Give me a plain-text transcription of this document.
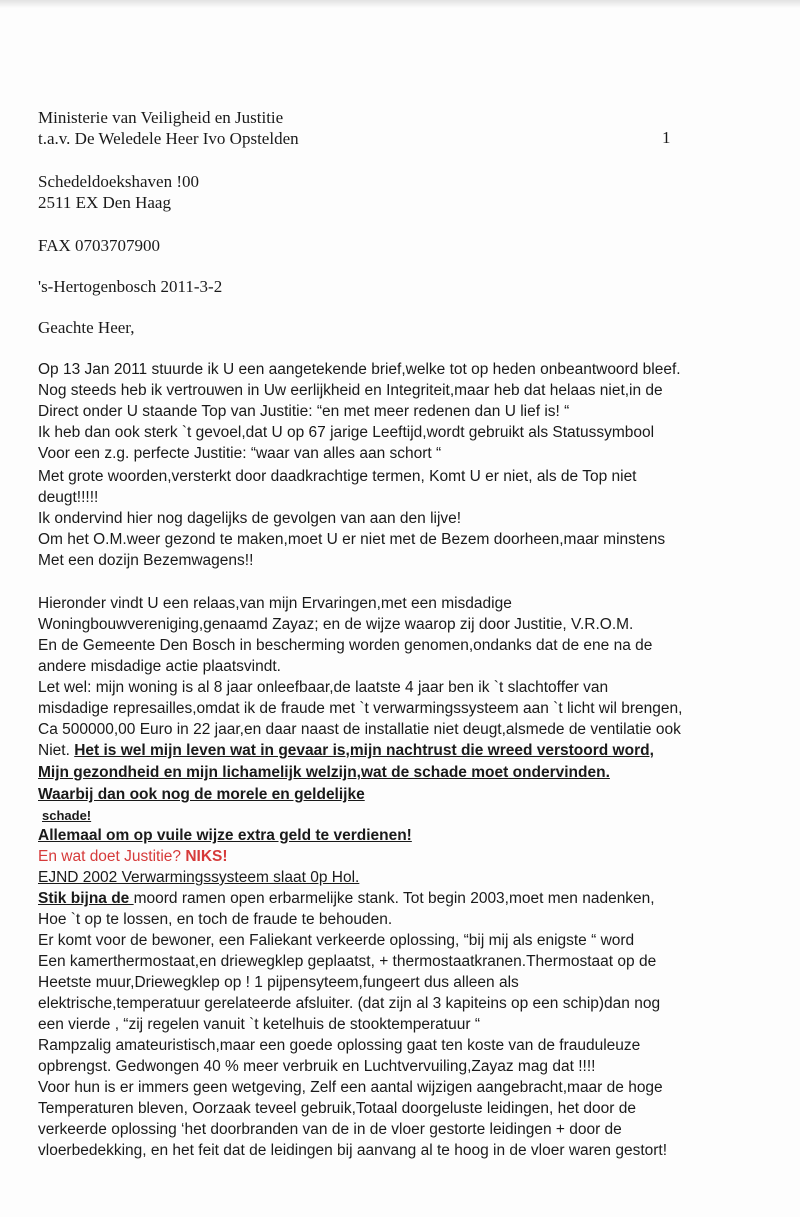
Ministerie van Veiligheid en Justitie
t.a.v. De Weledele Heer Ivo Opstelden	1
Schedeldoekshaven !00
2511 EX Den Haag
FAX 0703707900
's-Hertogenbosch 2011-3-2
Geachte Heer,
Op 13 Jan 2011 stuurde ik U een aangetekende brief,welke tot op heden onbeantwoord bleef.
Nog steeds heb ik vertrouwen in Uw eerlijkheid en Integriteit,maar heb dat helaas niet,in de
Direct onder U staande Top van Justitie: “en met meer redenen dan U lief is! “
Ik heb dan ook sterk `t gevoel,dat U op 67 jarige Leeftijd,wordt gebruikt als Statussymbool
Voor een z.g. perfecte Justitie: “waar van alles aan schort “
Met grote woorden,versterkt door daadkrachtige termen, Komt U er niet, als de Top niet
deugt!!!!!
Ik ondervind hier nog dagelijks de gevolgen van aan den lijve!
Om het O.M.weer gezond te maken,moet U er niet met de Bezem doorheen,maar minstens
Met een dozijn Bezemwagens!!
Hieronder vindt U een relaas,van mijn Ervaringen,met een misdadige
Woningbouwvereniging,genaamd Zayaz; en de wijze waarop zij door Justitie, V.R.O.M.
En de Gemeente Den Bosch in bescherming worden genomen,ondanks dat de ene na de
andere misdadige actie plaatsvindt.
Let wel: mijn woning is al 8 jaar onleefbaar,de laatste 4 jaar ben ik `t slachtoffer van
misdadige represailles,omdat ik de fraude met `t verwarmingssysteem aan `t licht wil brengen,
Ca 500000,00 Euro in 22 jaar,en daar naast de installatie niet deugt,alsmede de ventilatie ook
Niet. Het is wel mijn leven wat in gevaar is,mijn nachtrust die wreed verstoord word,
Mijn gezondheid en mijn lichamelijk welzijn,wat de schade moet ondervinden.
Waarbij dan ook nog de morele en geldelijke
schade!
Allemaal om op vuile wijze extra geld te verdienen!
En wat doet Justitie? NIKS!
EJND 2002 Verwarmingssysteem slaat 0p Hol.
Stik bijna de moord ramen open erbarmelijke stank. Tot begin 2003,moet men nadenken,
Hoe `t op te lossen, en toch de fraude te behouden.
Er komt voor de bewoner, een Faliekant verkeerde oplossing, “bij mij als enigste “ word
Een kamerthermostaat,en driewegklep geplaatst, + thermostaatkranen.Thermostaat op de
Heetste muur,Driewegklep op ! 1 pijpensyteem,fungeert dus alleen als
elektrische,temperatuur gerelateerde afsluiter. (dat zijn al 3 kapiteins op een schip)dan nog
een vierde , “zij regelen vanuit `t ketelhuis de stooktemperatuur “
Rampzalig amateuristisch,maar een goede oplossing gaat ten koste van de frauduleuze
opbrengst. Gedwongen 40 % meer verbruik en Luchtvervuiling,Zayaz mag dat !!!!
Voor hun is er immers geen wetgeving, Zelf een aantal wijzigen aangebracht,maar de hoge
Temperaturen bleven, Oorzaak teveel gebruik,Totaal doorgeluste leidingen, het door de
verkeerde oplossing ‘het doorbranden van de in de vloer gestorte leidingen + door de
vloerbedekking, en het feit dat de leidingen bij aanvang al te hoog in de vloer waren gestort!
